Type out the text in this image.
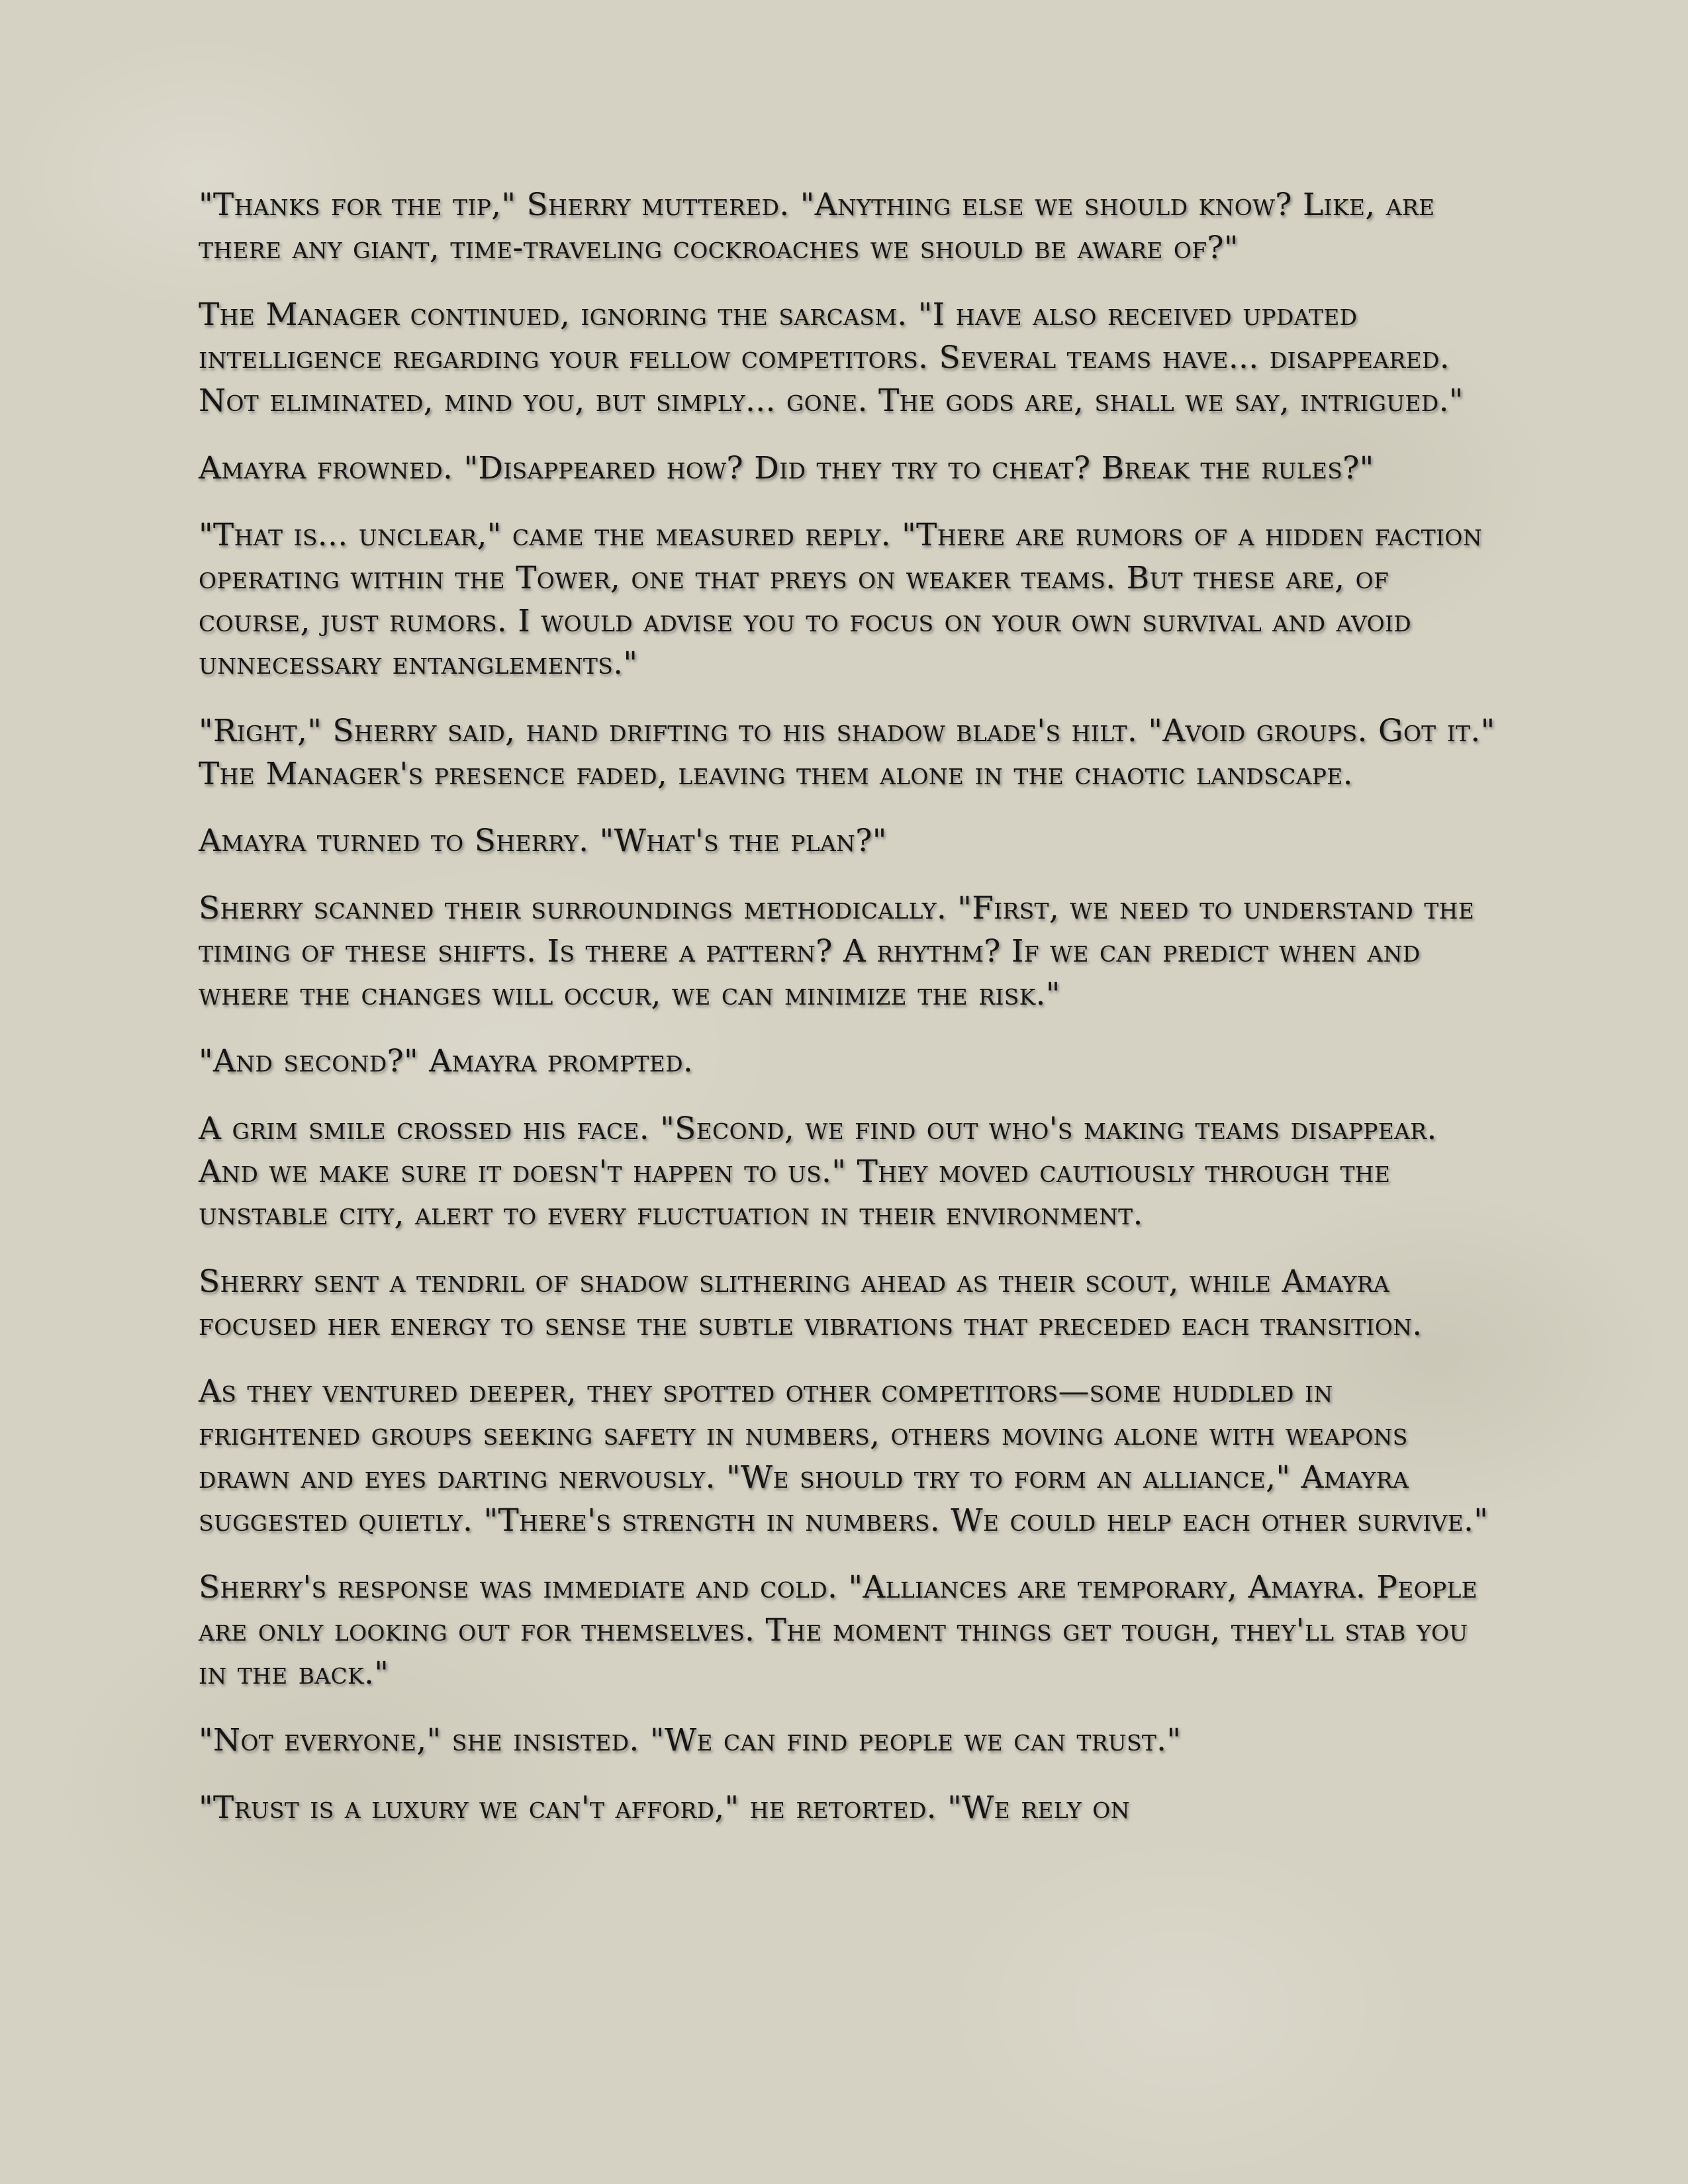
"Thanks for the tip," Sherry muttered. "Anything else we should know? Like, are there any giant, time-traveling cockroaches we should be aware of?"

The Manager continued, ignoring the sarcasm. "I have also received updated intelligence regarding your fellow competitors. Several teams have... disappeared. Not eliminated, mind you, but simply... gone. The gods are, shall we say, intrigued."

Amayra frowned. "Disappeared how? Did they try to cheat? Break the rules?"

"That is... unclear," came the measured reply. "There are rumors of a hidden faction operating within the Tower, one that preys on weaker teams. But these are, of course, just rumors. I would advise you to focus on your own survival and avoid unnecessary entanglements."

"Right," Sherry said, hand drifting to his shadow blade's hilt. "Avoid groups. Got it." The Manager's presence faded, leaving them alone in the chaotic landscape.

Amayra turned to Sherry. "What's the plan?"

Sherry scanned their surroundings methodically. "First, we need to understand the timing of these shifts. Is there a pattern? A rhythm? If we can predict when and where the changes will occur, we can minimize the risk."

"And second?" Amayra prompted.

A grim smile crossed his face. "Second, we find out who's making teams disappear. And we make sure it doesn't happen to us." They moved cautiously through the unstable city, alert to every fluctuation in their environment.

Sherry sent a tendril of shadow slithering ahead as their scout, while Amayra focused her energy to sense the subtle vibrations that preceded each transition.

As they ventured deeper, they spotted other competitors—some huddled in frightened groups seeking safety in numbers, others moving alone with weapons drawn and eyes darting nervously. "We should try to form an alliance," Amayra suggested quietly. "There's strength in numbers. We could help each other survive."

Sherry's response was immediate and cold. "Alliances are temporary, Amayra. People are only looking out for themselves. The moment things get tough, they'll stab you in the back."

"Not everyone," she insisted. "We can find people we can trust."

"Trust is a luxury we can't afford," he retorted. "We rely on
